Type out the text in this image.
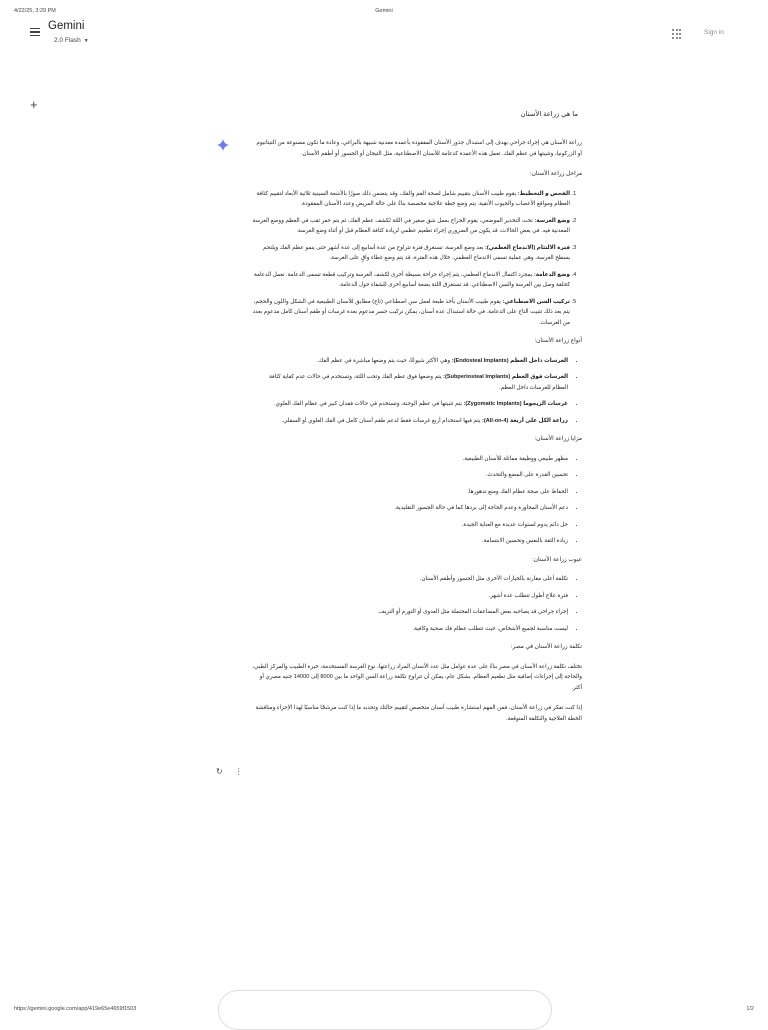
4/22/25, 3:29 PM	Gemini
Gemini
2.0 Flash ▼
Sign in
+
ما هي زراعة الأسنان

زراعة الأسنان هي إجراء جراحي يهدف إلى استبدال جذور الأسنان المفقودة بأعمدة معدنية شبيهة بالبراغي، وعادة ما تكون مصنوعة من التيتانيوم أو الزركونيا، وتثبيتها في عظم الفك. تعمل هذه الأعمدة كدعامة للأسنان الاصطناعية، مثل التيجان أو الجسور أو أطقم الأسنان.

مراحل زراعة الأسنان:
1. الفحص و التخطيط: يقوم طبيب الأسنان بتقييم شامل لصحة الفم والفك، وقد يتضمن ذلك صورًا بالأشعة السينية ثلاثية الأبعاد لتقييم كثافة العظام ومواقع الأعصاب والجيوب الأنفية. يتم وضع خطة علاجية مخصصة بناءً على حالة المريض وعدد الأسنان المفقودة.
2. وضع الغرسة: تحت التخدير الموضعي، يقوم الجراح بعمل شق صغير في اللثة لكشف عظم الفك، ثم يتم حفر ثقب في العظم ووضع الغرسة المعدنية فيه. في بعض الحالات، قد يكون من الضروري إجراء تطعيم عظمي لزيادة كثافة العظام قبل أو أثناء وضع الغرسة.
3. فترة الالتئام (الاندماج العظمي): بعد وضع الغرسة، تستغرق فترة تتراوح من عدة أسابيع إلى عدة أشهر حتى ينمو عظم الفك ويلتحم بسطح الغرسة، وهي عملية تسمى الاندماج العظمي. خلال هذه الفترة، قد يتم وضع غطاء واقٍ على الغرسة.
4. وضع الدعامة: بمجرد اكتمال الاندماج العظمي، يتم إجراء جراحة بسيطة أخرى لكشف الغرسة وتركيب قطعة تسمى الدعامة. تعمل الدعامة كحلقة وصل بين الغرسة والسن الاصطناعي. قد تستغرق اللثة بضعة أسابيع أخرى للشفاء حول الدعامة.
5. تركيب السن الاصطناعي: يقوم طبيب الأسنان بأخذ طبعة لعمل سن اصطناعي (تاج) مطابق للأسنان الطبيعية في الشكل واللون والحجم، يتم بعد ذلك تثبيت التاج على الدعامة. في حالة استبدال عدة أسنان، يمكن تركيب جسر مدعوم بعدة غرسات أو طقم أسنان كامل مدعوم بعدد من الغرسات.
أنواع زراعة الأسنان:
• الغرسات داخل العظم (Endosteal Implants): وهي الأكثر شيوعًا، حيث يتم وضعها مباشرة في عظم الفك.
• الغرسات فوق العظم (Subperiosteal Implants): يتم وضعها فوق عظم الفك وتحت اللثة، وتستخدم في حالات عدم كفاية كثافة العظام للغرسات داخل العظم.
• غرسات الزيجوما (Zygomatic Implants): يتم تثبيتها في عظم الوجنة، وتستخدم في حالات فقدان كبير في عظام الفك العلوي.
• زراعة الكل على أربعة (All-on-4): يتم فيها استخدام أربع غرسات فقط لدعم طقم أسنان كامل في الفك العلوي أو السفلي.
مزايا زراعة الأسنان:
• مظهر طبيعي ووظيفة مماثلة للأسنان الطبيعية.
• تحسين القدرة على المضغ والتحدث.
• الحفاظ على صحة عظام الفك ومنع تدهورها.
• دعم الأسنان المجاورة وعدم الحاجة إلى بردها كما في حالة الجسور التقليدية.
• حل دائم يدوم لسنوات عديدة مع العناية الجيدة.
• زيادة الثقة بالنفس وتحسين الابتسامة.
عيوب زراعة الأسنان:
• تكلفة أعلى مقارنة بالخيارات الأخرى مثل الجسور وأطقم الأسنان.
• فترة علاج أطول تتطلب عدة أشهر.
• إجراء جراحي قد يصاحبه بعض المضاعفات المحتملة مثل العدوى أو التورم أو النزيف.
• ليست مناسبة لجميع الأشخاص، حيث تتطلب عظام فك صحية وكافية.
تكلفة زراعة الأسنان في مصر:

تختلف تكلفة زراعة الأسنان في مصر بناءً على عدة عوامل مثل عدد الأسنان المراد زراعتها، نوع الغرسة المستخدمة، خبرة الطبيب والمركز الطبي، والحاجة إلى إجراءات إضافية مثل تطعيم العظام. بشكل عام، يمكن أن تتراوح تكلفة زراعة السن الواحد ما بين 8000 إلى 14000 جنيه مصري أو أكثر.

إذا كنت تفكر في زراعة الأسنان، فمن المهم استشارة طبيب أسنان متخصص لتقييم حالتك وتحديد ما إذا كنت مرشحًا مناسبًا لهذا الإجراء ومناقشة الخطة العلاجية والتكلفة المتوقعة.

↻ ⋮
https://gemini.google.com/app/419e65e4659f1503	1/2
